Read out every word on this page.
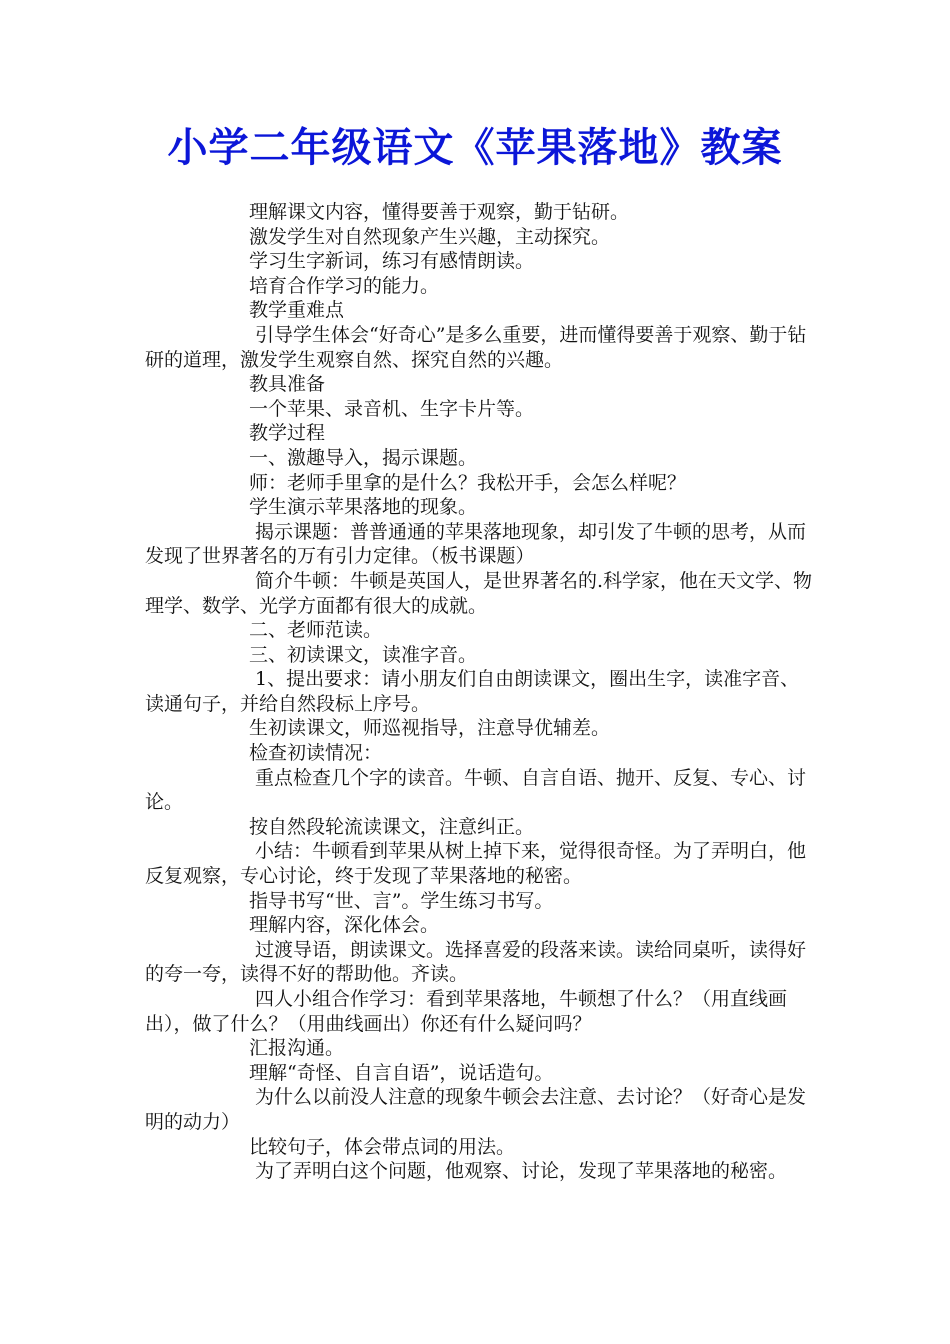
小学二年级语文《苹果落地》教案

理解课文内容，懂得要善于观察，勤于钻研。

激发学生对自然现象产生兴趣，主动探究。

学习生字新词，练习有感情朗读。

培育合作学习的能力。

教学重难点

引导学生体会“好奇心”是多么重要，进而懂得要善于观察、勤于钻研的道理，激发学生观察自然、探究自然的兴趣。

教具准备

一个苹果、录音机、生字卡片等。

教学过程

一、激趣导入，揭示课题。

师：老师手里拿的是什么？我松开手，会怎么样呢？

学生演示苹果落地的现象。

揭示课题：普普通通的苹果落地现象，却引发了牛顿的思考，从而发现了世界著名的万有引力定律。（板书课题）

简介牛顿：牛顿是英国人，是世界著名的.科学家，他在天文学、物理学、数学、光学方面都有很大的成就。

二、老师范读。

三、初读课文，读准字音。

1、提出要求：请小朋友们自由朗读课文，圈出生字，读准字音、读通句子，并给自然段标上序号。

生初读课文，师巡视指导，注意导优辅差。

检查初读情况：

重点检查几个字的读音。牛顿、自言自语、抛开、反复、专心、讨论。

按自然段轮流读课文，注意纠正。

小结：牛顿看到苹果从树上掉下来，觉得很奇怪。为了弄明白，他反复观察，专心讨论，终于发现了苹果落地的秘密。

指导书写“世、言”。学生练习书写。

理解内容，深化体会。

过渡导语，朗读课文。选择喜爱的段落来读。读给同桌听，读得好的夸一夸，读得不好的帮助他。齐读。

四人小组合作学习：看到苹果落地，牛顿想了什么？（用直线画出），做了什么？（用曲线画出）你还有什么疑问吗？

汇报沟通。

理解“奇怪、自言自语”，说话造句。

为什么以前没人注意的现象牛顿会去注意、去讨论？（好奇心是发明的动力）

比较句子，体会带点词的用法。

为了弄明白这个问题，他观察、讨论，发现了苹果落地的秘密。
